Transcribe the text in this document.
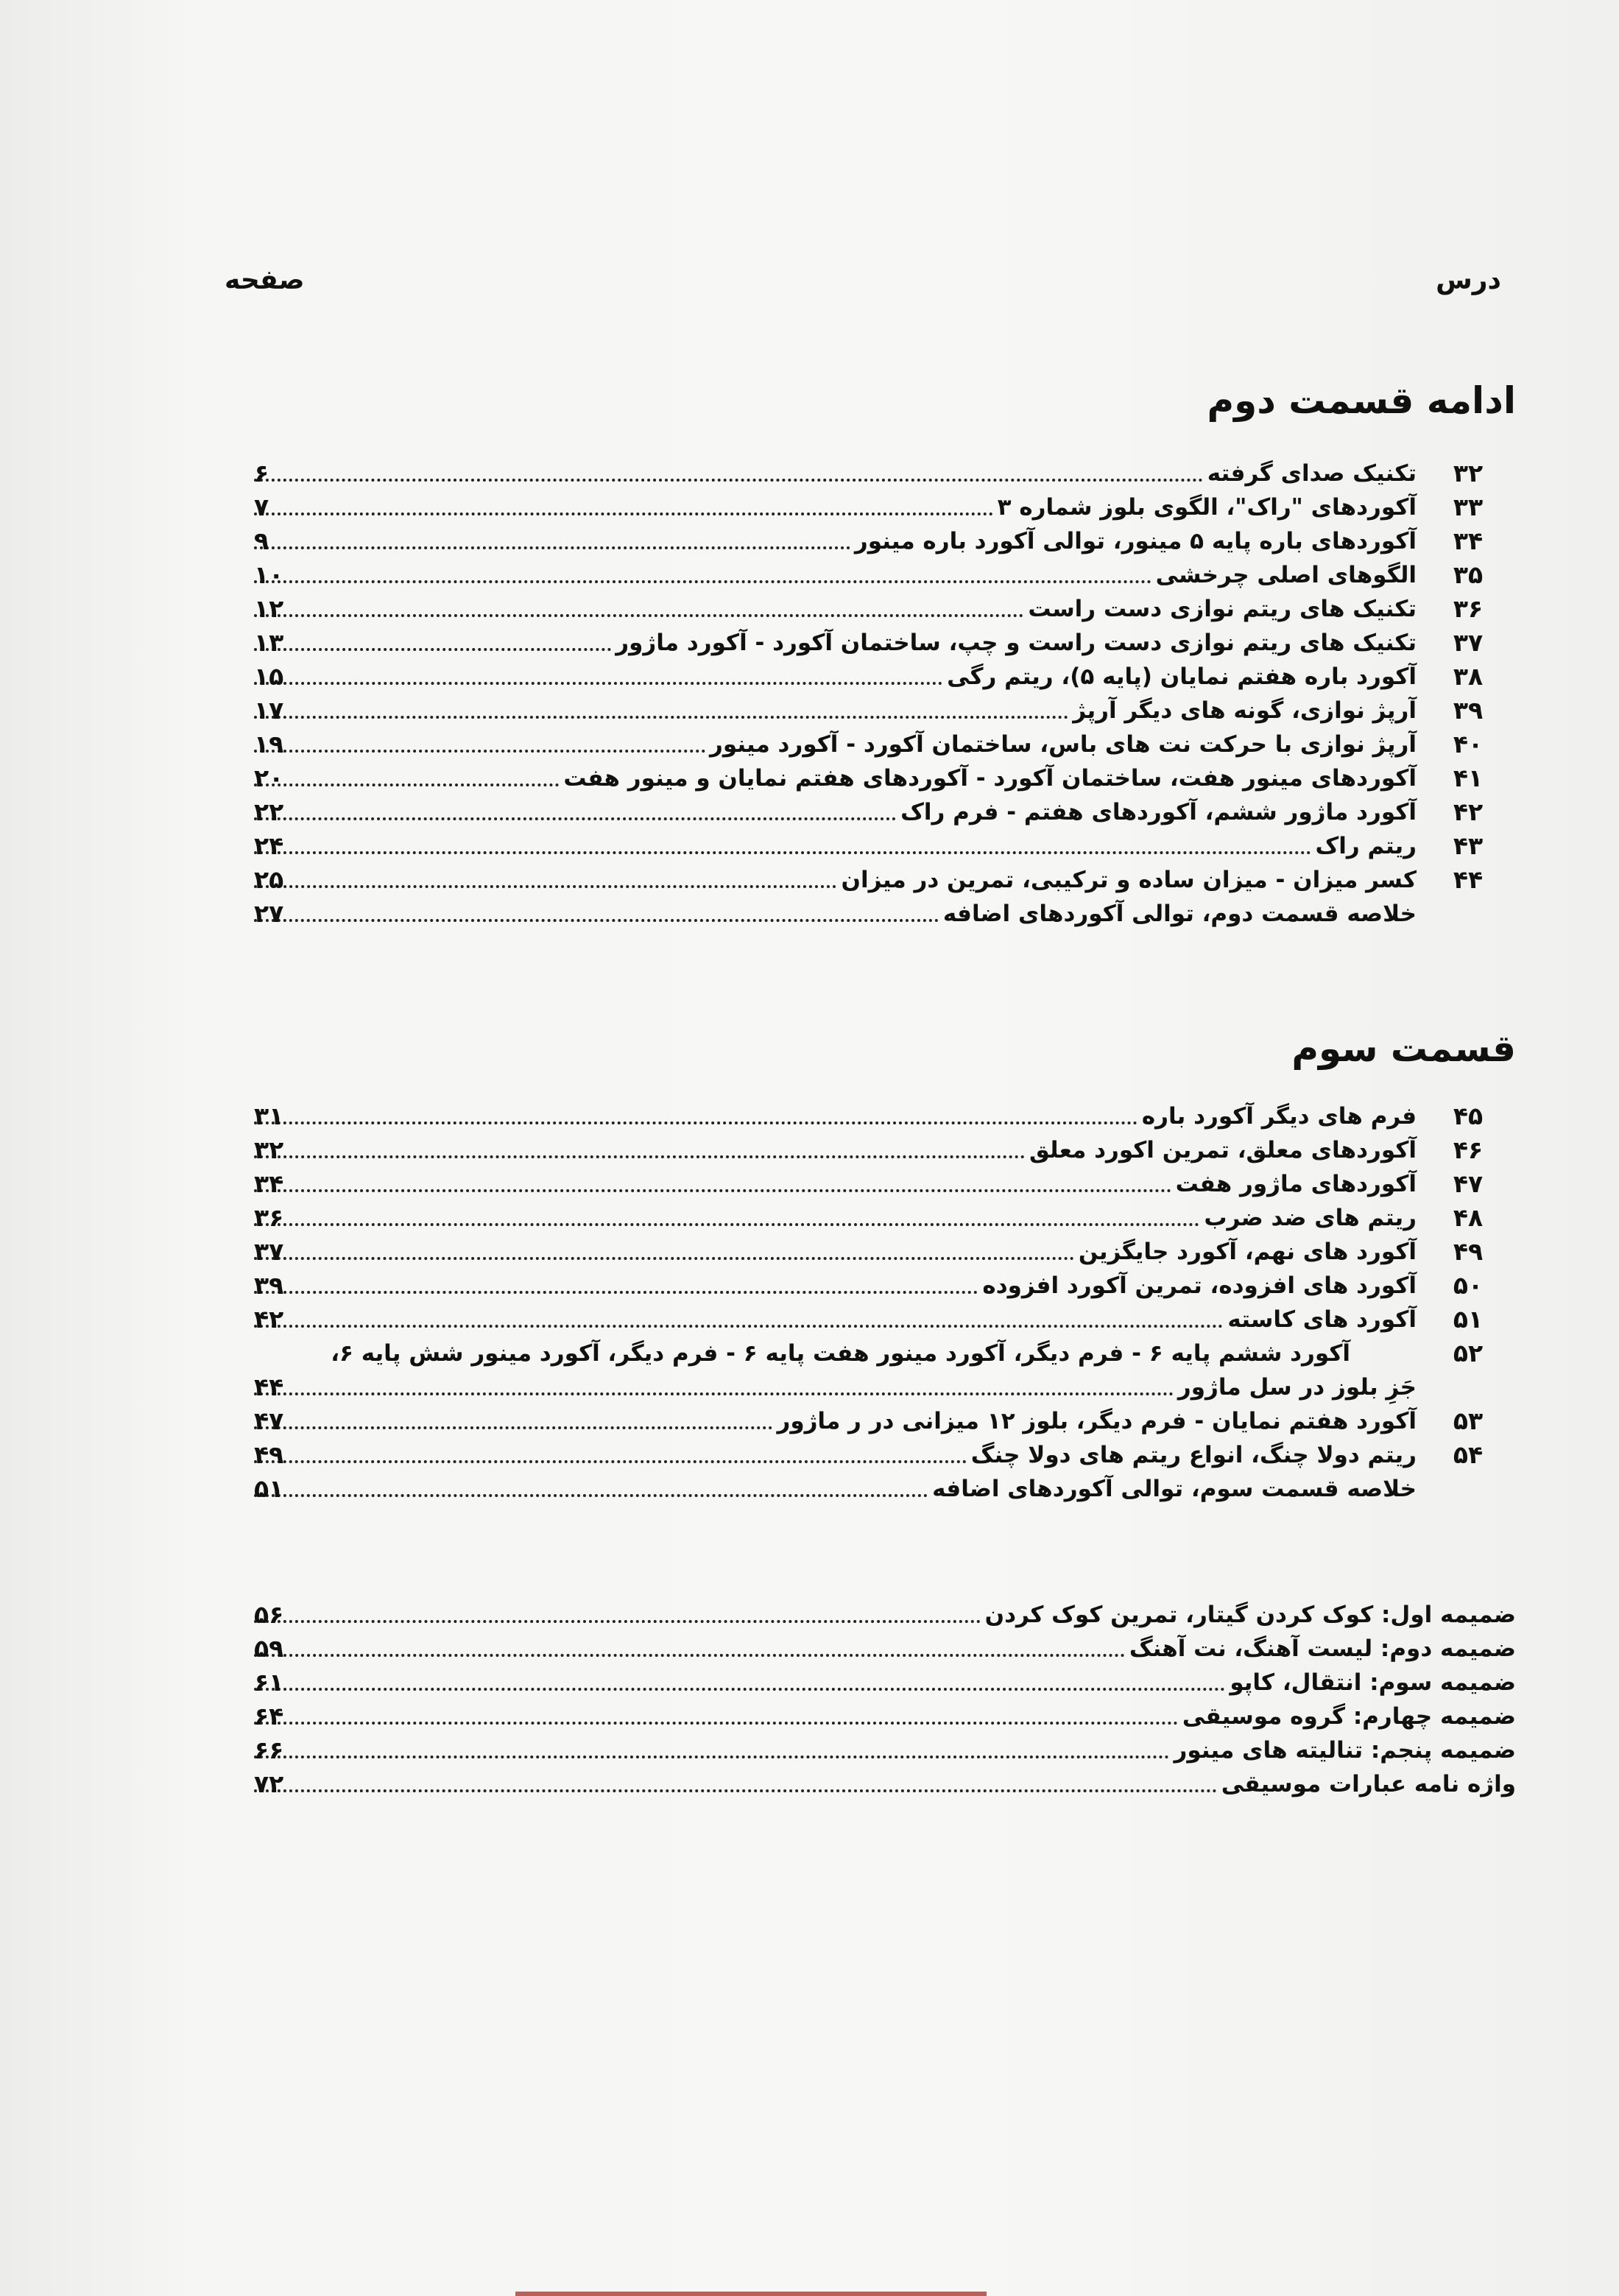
درس
صفحه
ادامه قسمت دوم
۳۲
تکنیک صدای گرفته
۶
۳۳
آکوردهای "راک"، الگوی بلوز شماره ۳
۷
۳۴
آکوردهای باره پایه ۵ مینور، توالی آکورد باره مینور
۹
۳۵
الگوهای اصلی چرخشی
۱۰
۳۶
تکنیک های ریتم نوازی دست راست
۱۲
۳۷
تکنیک های ریتم نوازی دست راست و چپ، ساختمان آکورد - آکورد ماژور
۱۳
۳۸
آکورد باره هفتم نمایان (پایه ۵)، ریتم رگی
۱۵
۳۹
آرپژ نوازی، گونه های دیگر آرپژ
۱۷
۴۰
آرپژ نوازی با حرکت نت های باس، ساختمان آکورد - آکورد مینور
۱۹
۴۱
آکوردهای مینور هفت، ساختمان آکورد - آکوردهای هفتم نمایان و مینور هفت
۲۰
۴۲
آکورد ماژور ششم، آکوردهای هفتم - فرم راک
۲۲
۴۳
ریتم راک
۲۴
۴۴
کسر میزان - میزان ساده و ترکیبی، تمرین در میزان
۲۵
خلاصه قسمت دوم، توالی آکوردهای اضافه
۲۷
قسمت سوم
۴۵
فرم های دیگر آکورد باره
۳۱
۴۶
آکوردهای معلق، تمرین اکورد معلق
۳۲
۴۷
آکوردهای ماژور هفت
۳۴
۴۸
ریتم های ضد ضرب
۳۶
۴۹
آکورد های نهم، آکورد جایگزین
۳۷
۵۰
آکورد های افزوده، تمرین آکورد افزوده
۳۹
۵۱
آکورد های کاسته
۴۲
۵۲
آکورد ششم پایه ۶ - فرم دیگر، آکورد مینور هفت پایه ۶ - فرم دیگر، آکورد مینور شش پایه ۶،
جَزِ بلوز در سل ماژور
۴۴
۵۳
آکورد هفتم نمایان - فرم دیگر، بلوز ۱۲ میزانی در ر ماژور
۴۷
۵۴
ریتم دولا چنگ، انواع ریتم های دولا چنگ
۴۹
خلاصه قسمت سوم، توالی آکوردهای اضافه
۵۱
ضمیمه اول: کوک کردن گیتار، تمرین کوک کردن
۵۶
ضمیمه دوم: لیست آهنگ، نت آهنگ
۵۹
ضمیمه سوم: انتقال، کاپو
۶۱
ضمیمه چهارم: گروه موسیقی
۶۴
ضمیمه پنجم: تنالیته های مینور
۶۶
واژه نامه عبارات موسیقی
۷۲
